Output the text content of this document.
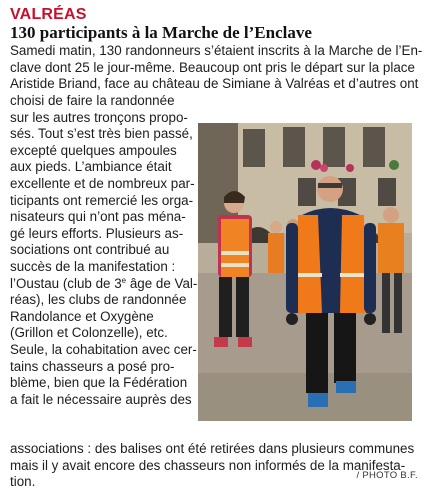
VALRÉAS
130 participants à la Marche de l’Enclave
Samedi matin, 130 randonneurs s’étaient inscrits à la Marche de l’En-
clave dont 25 le jour-même. Beaucoup ont pris le départ sur la place
Aristide Briand, face au château de Simiane à Valréas et d’autres ont
choisi de faire la randonnée
sur les autres tronçons propo-
sés. Tout s’est très bien passé,
excepté quelques ampoules
aux pieds. L’ambiance était
excellente et de nombreux par-
ticipants ont remercié les orga-
nisateurs qui n’ont pas ména-
gé leurs efforts. Plusieurs as-
sociations ont contribué au
succès de la manifestation :
l’Oustau (club de 3e âge de Val-
réas), les clubs de randonnée
Randolance et Oxygène
(Grillon et Colonzelle), etc.
Seule, la cohabitation avec cer-
tains chasseurs a posé pro-
blème, bien que la Fédération
a fait le nécessaire auprès des
associations : des balises ont été retirées dans plusieurs communes
mais il y avait encore des chasseurs non informés de la manifesta-
tion.	/ PHOTO B.F.
